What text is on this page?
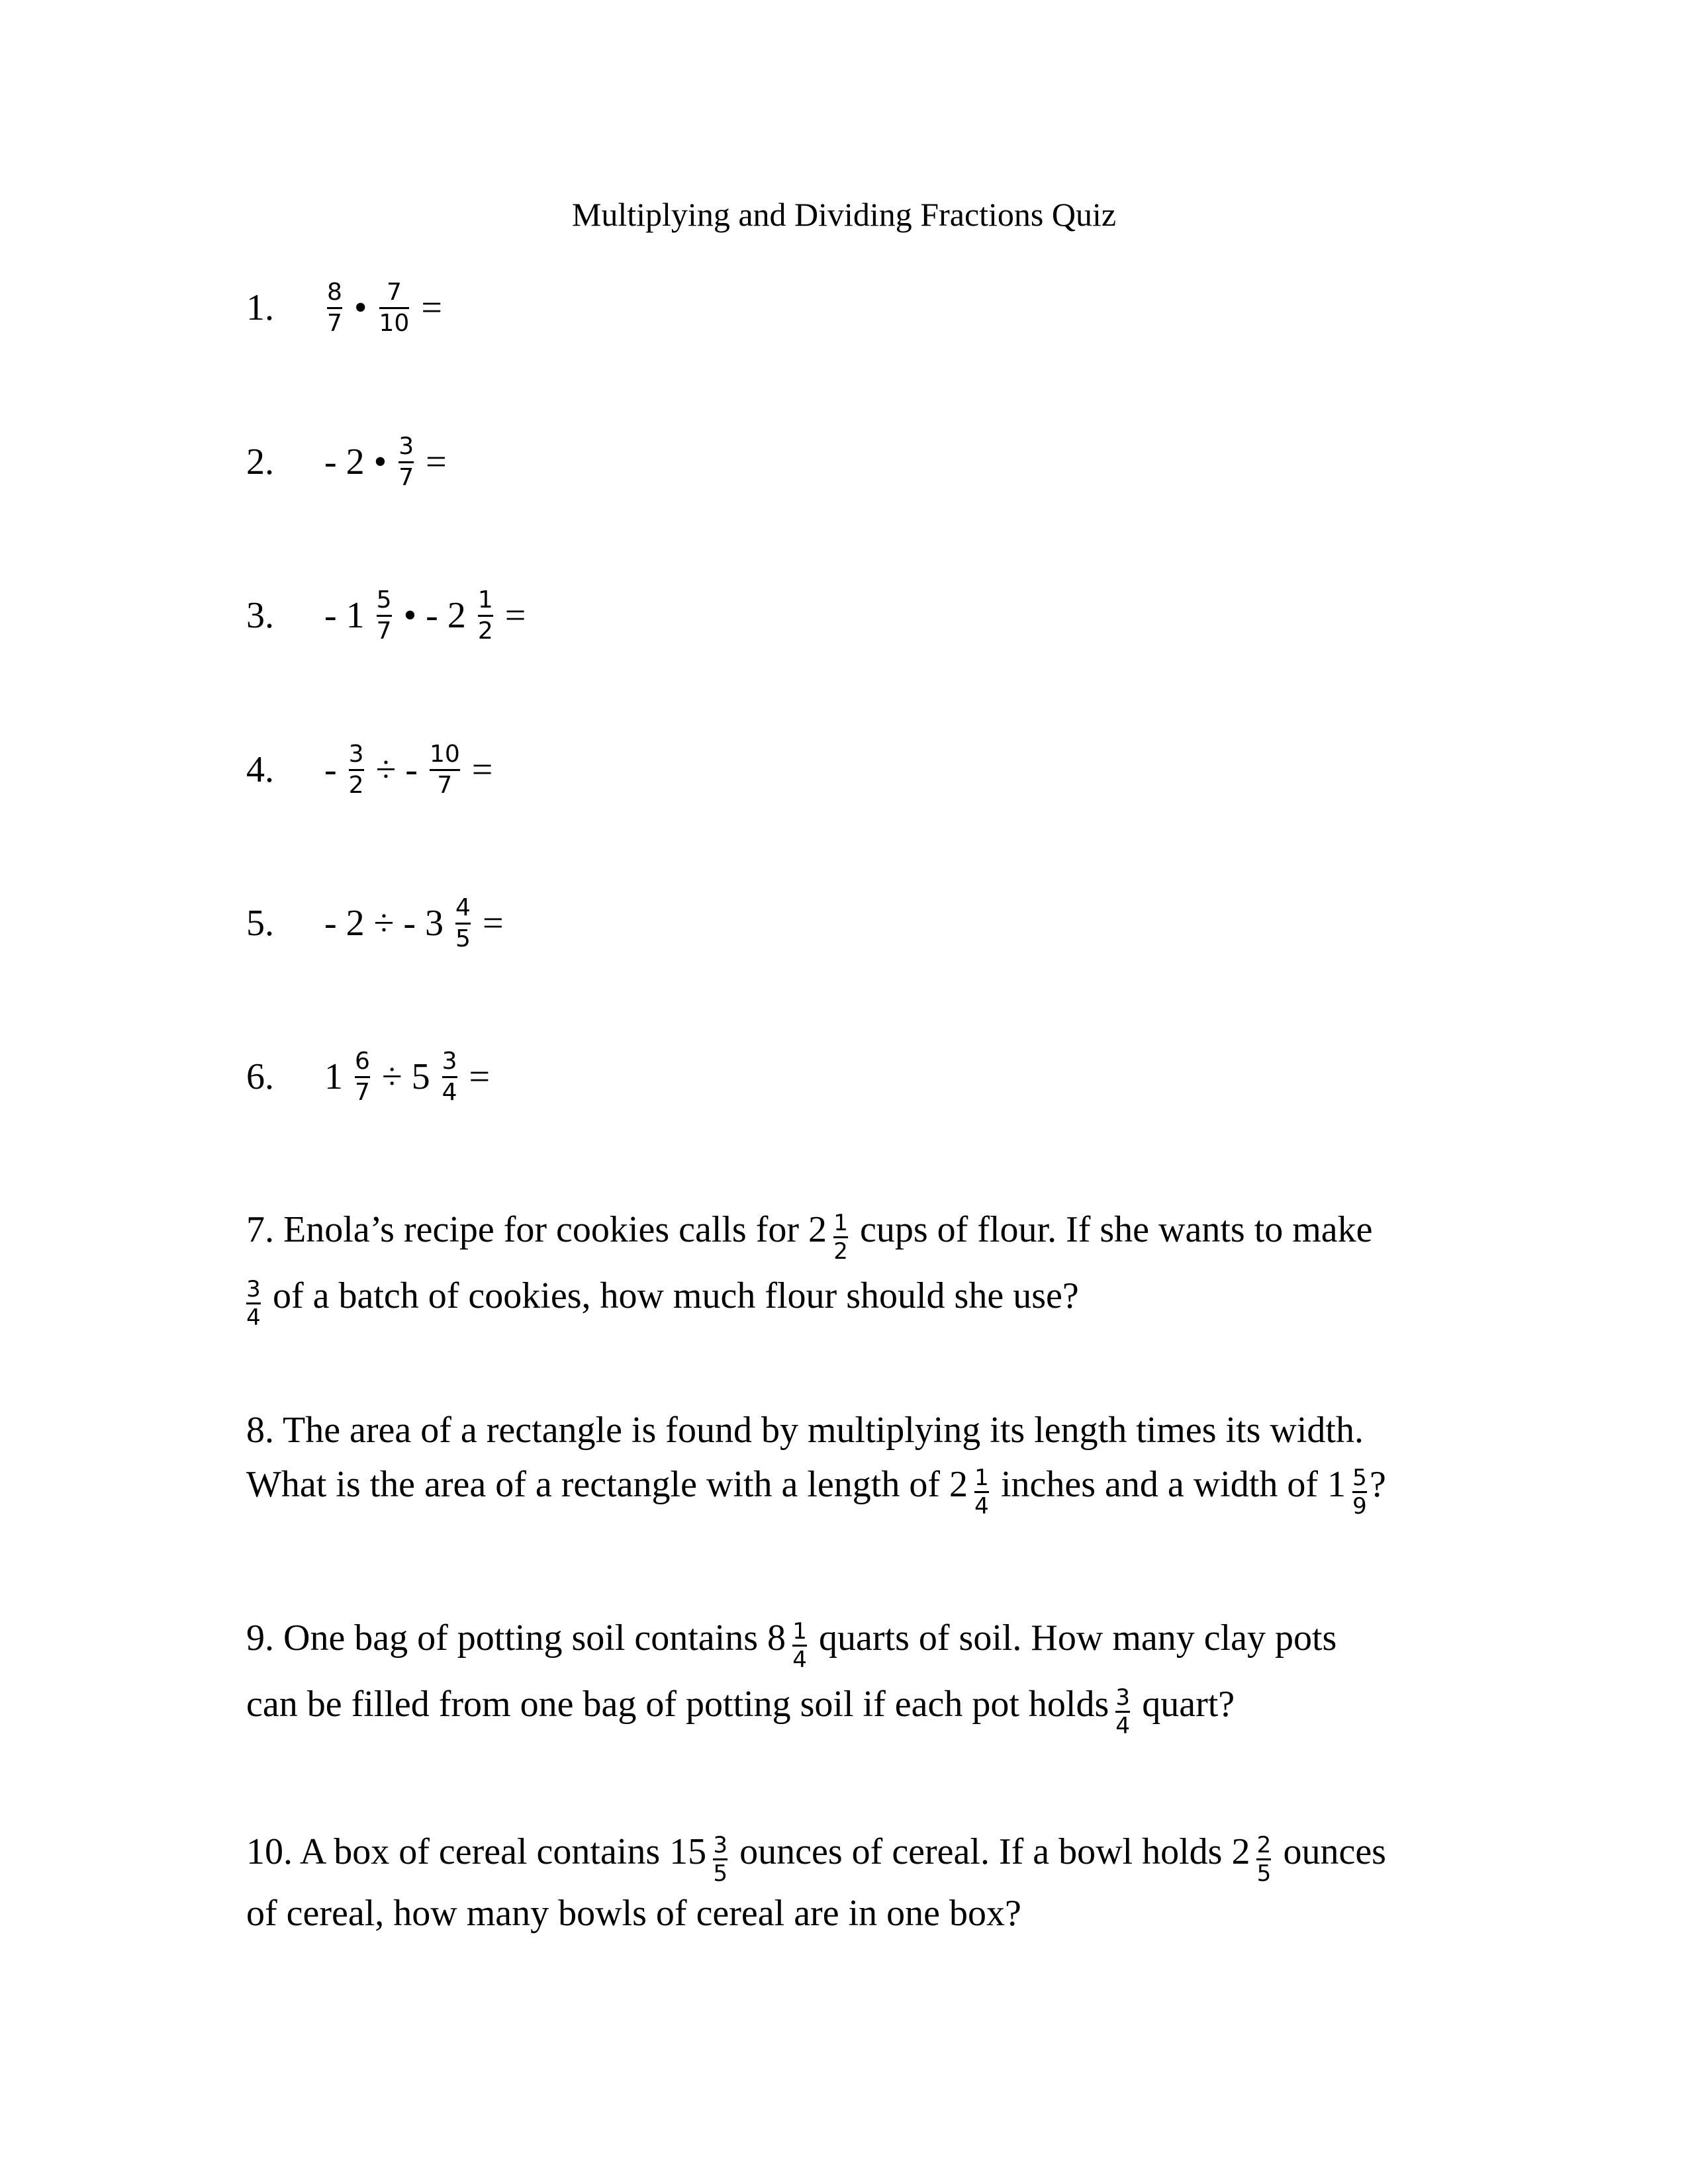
Multiplying and Dividing Fractions Quiz
1. $\frac{8}{7}$ • $\frac{7}{10}$ =
2. - 2 • $\frac{3}{7}$ =
3. - $1 \frac{5}{7}$ • - $2 \frac{1}{2}$ =
4. - $\frac{3}{2}$ ÷ - $\frac{10}{7}$ =
5. - 2 ÷ - $3 \frac{4}{5}$ =
6. $1 \frac{6}{7} \div 5 \frac{3}{4}$ =
7. Enola’s recipe for cookies calls for $2 \frac{1}{2}$ cups of flour. If she wants to make

$\frac{3}{4}$ of a batch of cookies, how much flour should she use?
8. The area of a rectangle is found by multiplying its length times its width.
What is the area of a rectangle with a length of $2 \frac{1}{4}$ inches and a width of $1 \frac{5}{9}$ ?
9. One bag of potting soil contains $8 \frac{1}{4}$ quarts of soil. How many clay pots
can be filled from one bag of potting soil if each pot holds $\frac{3}{4}$ quart?
10. A box of cereal contains $15 \frac{3}{5}$ ounces of cereal. If a bowl holds $2 \frac{2}{5}$ ounces
of cereal, how many bowls of cereal are in one box?
